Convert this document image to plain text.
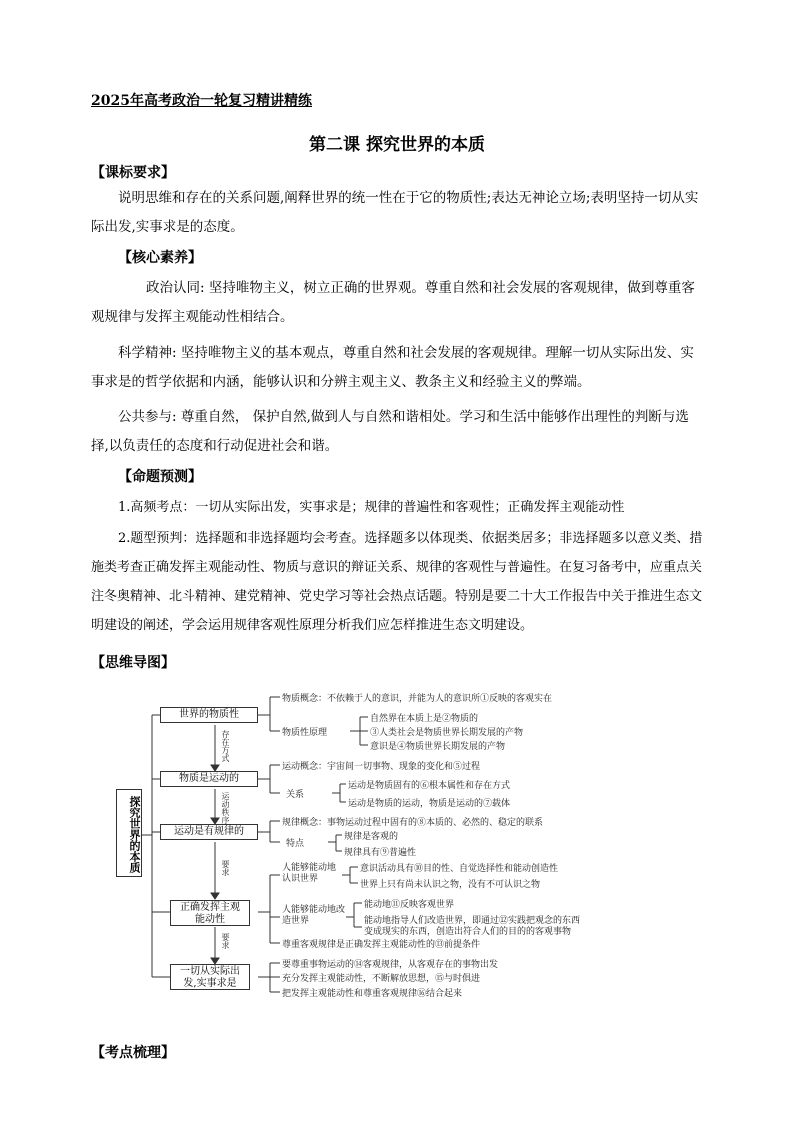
2025年高考政治一轮复习精讲精练
第二课 探究世界的本质
【课标要求】
说明思维和存在的关系问题,阐释世界的统一性在于它的物质性;表达无神论立场;表明坚持一切从实际出发,实事求是的态度。
【核心素养】
政治认同: 坚持唯物主义，树立正确的世界观。尊重自然和社会发展的客观规律，做到尊重客观规律与发挥主观能动性相结合。
科学精神: 坚持唯物主义的基本观点，尊重自然和社会发展的客观规律。理解一切从实际出发、实事求是的哲学依据和内涵，能够认识和分辨主观主义、教条主义和经验主义的弊端。
公共参与: 尊重自然， 保护自然,做到人与自然和谐相处。学习和生活中能够作出理性的判断与选择,以负责任的态度和行动促进社会和谐。
【命题预测】
1.高频考点：一切从实际出发，实事求是；规律的普遍性和客观性；正确发挥主观能动性
2.题型预判：选择题和非选择题均会考查。选择题多以体现类、依据类居多；非选择题多以意义类、措施类考查正确发挥主观能动性、物质与意识的辩证关系、规律的客观性与普遍性。在复习备考中，应重点关注冬奥精神、北斗精神、建党精神、党史学习等社会热点话题。特别是要二十大工作报告中关于推进生态文明建设的阐述，学会运用规律客观性原理分析我们应怎样推进生态文明建设。
【思维导图】
探究世界的本质
世界的物质性
物质是运动的
运动是有规律的
正确发挥主观能动性
一切从实际出发,实事求是
存在方式
运动秩序
要求
要求
物质概念：不依赖于人的意识，并能为人的意识所①反映的客观实在
物质性原理
自然界在本质上是②物质的
③人类社会是物质世界长期发展的产物
意识是④物质世界长期发展的产物
运动概念：宇宙间一切事物、现象的变化和⑤过程
关系
运动是物质固有的⑥根本属性和存在方式
运动是物质的运动，物质是运动的⑦载体
规律概念：事物运动过程中固有的⑧本质的、必然的、稳定的联系
特点
规律是客观的
规律具有⑨普遍性
人能够能动地认识世界
意识活动具有⑩目的性、自觉选择性和能动创造性
世界上只有尚未认识之物，没有不可认识之物
人能够能动地改造世界
能动地⑪反映客观世界
能动地指导人们改造世界，即通过⑫实践把观念的东西
变成现实的东西，创造出符合人们的目的的客观事物
尊重客观规律是正确发挥主观能动性的⑬前提条件
要尊重事物运动的⑭客观规律，从客观存在的事物出发
充分发挥主观能动性，不断解放思想，⑮与时俱进
把发挥主观能动性和尊重客观规律⑯结合起来
【考点梳理】
